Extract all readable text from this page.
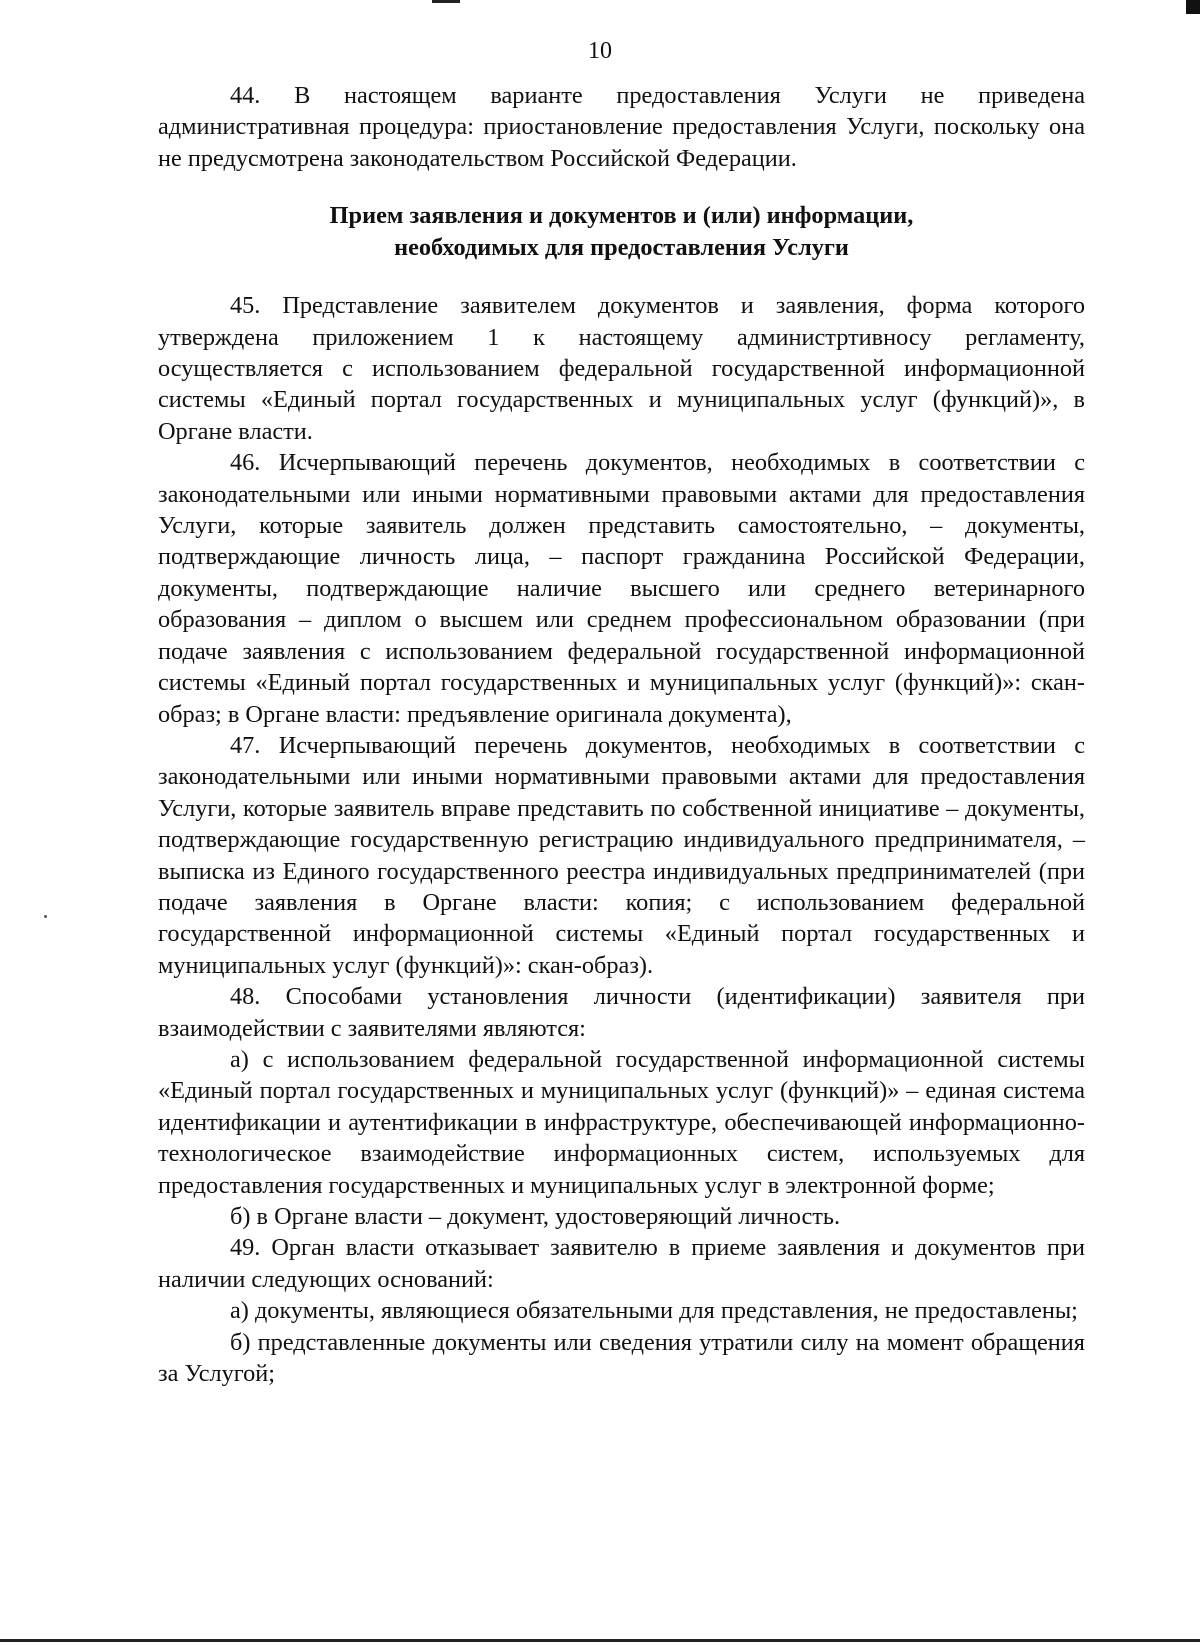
10

44. В настоящем варианте предоставления Услуги не приведена административная процедура: приостановление предоставления Услуги, поскольку она не предусмотрена законодательством Российской Федерации.

Прием заявления и документов и (или) информации,
необходимых для предоставления Услуги

45. Представление заявителем документов и заявления, форма которого утверждена приложением 1 к настоящему администртивносу регламенту, осуществляется с использованием федеральной государственной информационной системы «Единый портал государственных и муниципальных услуг (функций)», в Органе власти.

46. Исчерпывающий перечень документов, необходимых в соответствии с законодательными или иными нормативными правовыми актами для предоставления Услуги, которые заявитель должен представить самостоятельно, – документы, подтверждающие личность лица, – паспорт гражданина Российской Федерации, документы, подтверждающие наличие высшего или среднего ветеринарного образования – диплом о высшем или среднем профессиональном образовании (при подаче заявления с использованием федеральной государственной информационной системы «Единый портал государственных и муниципальных услуг (функций)»: скан-образ; в Органе власти: предъявление оригинала документа),

47. Исчерпывающий перечень документов, необходимых в соответствии с законодательными или иными нормативными правовыми актами для предоставления Услуги, которые заявитель вправе представить по собственной инициативе – документы, подтверждающие государственную регистрацию индивидуального предпринимателя, – выписка из Единого государственного реестра индивидуальных предпринимателей (при подаче заявления в Органе власти: копия; с использованием федеральной государственной информационной системы «Единый портал государственных и муниципальных услуг (функций)»: скан-образ).

48. Способами установления личности (идентификации) заявителя при взаимодействии с заявителями являются:

а) с использованием федеральной государственной информационной системы «Единый портал государственных и муниципальных услуг (функций)» – единая система идентификации и аутентификации в инфраструктуре, обеспечивающей информационно-технологическое взаимодействие информационных систем, используемых для предоставления государственных и муниципальных услуг в электронной форме;

б) в Органе власти – документ, удостоверяющий личность.

49. Орган власти отказывает заявителю в приеме заявления и документов при наличии следующих оснований:

а) документы, являющиеся обязательными для представления, не предоставлены;

б) представленные документы или сведения утратили силу на момент обращения за Услугой;
